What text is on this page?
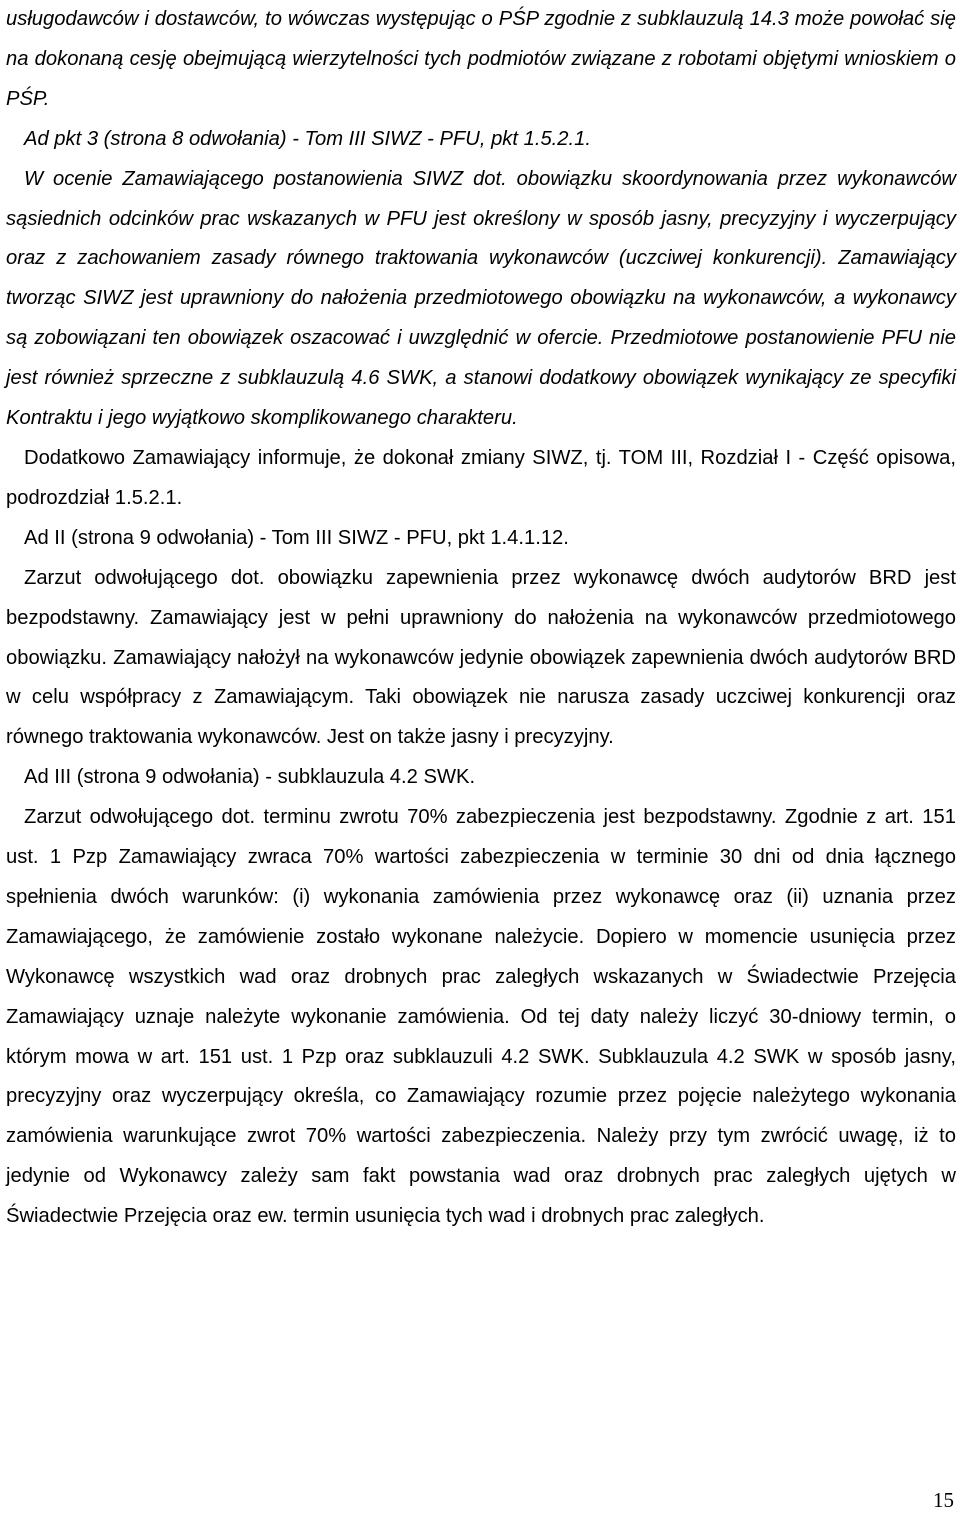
usługodawców i dostawców, to wówczas występując o PŚP zgodnie z subklauzulą 14.3 może powołać się na dokonaną cesję obejmującą wierzytelności tych podmiotów związane z robotami objętymi wnioskiem o PŚP.

Ad pkt 3 (strona 8 odwołania) - Tom III SIWZ - PFU, pkt 1.5.2.1.

W ocenie Zamawiającego postanowienia SIWZ dot. obowiązku skoordynowania przez wykonawców sąsiednich odcinków prac wskazanych w PFU jest określony w sposób jasny, precyzyjny i wyczerpujący oraz z zachowaniem zasady równego traktowania wykonawców (uczciwej konkurencji). Zamawiający tworząc SIWZ jest uprawniony do nałożenia przedmiotowego obowiązku na wykonawców, a wykonawcy są zobowiązani ten obowiązek oszacować i uwzględnić w ofercie. Przedmiotowe postanowienie PFU nie jest również sprzeczne z subklauzulą 4.6 SWK, a stanowi dodatkowy obowiązek wynikający ze specyfiki Kontraktu i jego wyjątkowo skomplikowanego charakteru.

Dodatkowo Zamawiający informuje, że dokonał zmiany SIWZ, tj. TOM III, Rozdział I - Część opisowa, podrozdział 1.5.2.1.

Ad II (strona 9 odwołania) - Tom III SIWZ - PFU, pkt 1.4.1.12.

Zarzut odwołującego dot. obowiązku zapewnienia przez wykonawcę dwóch audytorów BRD jest bezpodstawny. Zamawiający jest w pełni uprawniony do nałożenia na wykonawców przedmiotowego obowiązku. Zamawiający nałożył na wykonawców jedynie obowiązek zapewnienia dwóch audytorów BRD w celu współpracy z Zamawiającym. Taki obowiązek nie narusza zasady uczciwej konkurencji oraz równego traktowania wykonawców. Jest on także jasny i precyzyjny.

Ad III (strona 9 odwołania) - subklauzula 4.2 SWK.

Zarzut odwołującego dot. terminu zwrotu 70% zabezpieczenia jest bezpodstawny. Zgodnie z art. 151 ust. 1 Pzp Zamawiający zwraca 70% wartości zabezpieczenia w terminie 30 dni od dnia łącznego spełnienia dwóch warunków: (i) wykonania zamówienia przez wykonawcę oraz (ii) uznania przez Zamawiającego, że zamówienie zostało wykonane należycie. Dopiero w momencie usunięcia przez Wykonawcę wszystkich wad oraz drobnych prac zaległych wskazanych w Świadectwie Przejęcia Zamawiający uznaje należyte wykonanie zamówienia. Od tej daty należy liczyć 30-dniowy termin, o którym mowa w art. 151 ust. 1 Pzp oraz subklauzuli 4.2 SWK. Subklauzula 4.2 SWK w sposób jasny, precyzyjny oraz wyczerpujący określa, co Zamawiający rozumie przez pojęcie należytego wykonania zamówienia warunkujące zwrot 70% wartości zabezpieczenia. Należy przy tym zwrócić uwagę, iż to jedynie od Wykonawcy zależy sam fakt powstania wad oraz drobnych prac zaległych ujętych w Świadectwie Przejęcia oraz ew. termin usunięcia tych wad i drobnych prac zaległych.

15
